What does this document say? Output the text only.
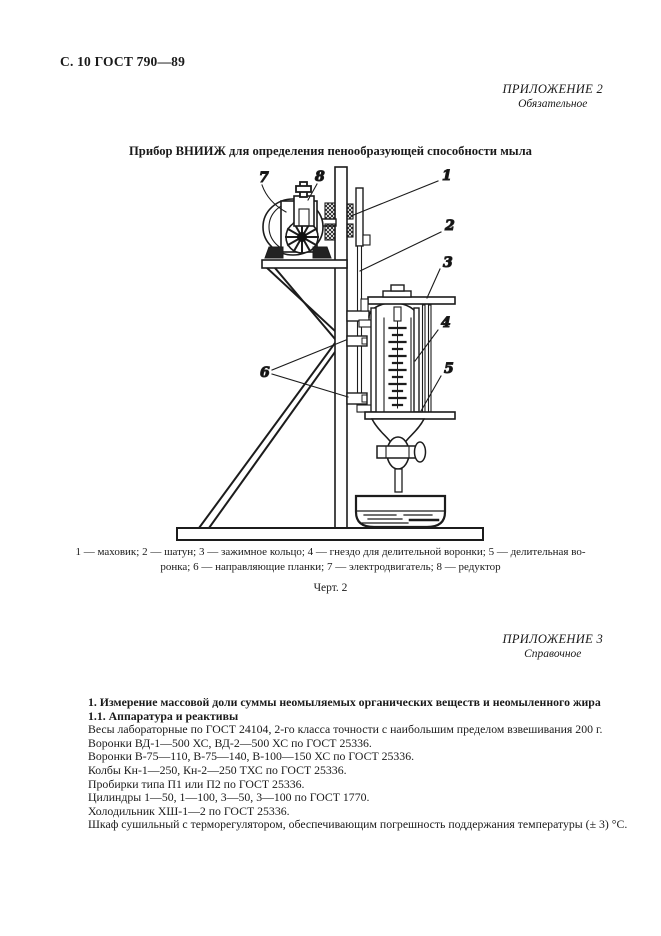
С. 10 ГОСТ 790—89
ПРИЛОЖЕНИЕ 2
Обязательное
Прибор ВНИИЖ для определения пенообразующей способности мыла
1
2
3
4
5
6
7	8
1 — маховик; 2 — шатун; 3 — зажимное кольцо; 4 — гнездо для делительной воронки; 5 — делительная во-
ронка; 6 — направляющие планки; 7 — электродвигатель; 8 — редуктор
Черт. 2
ПРИЛОЖЕНИЕ 3
Справочное
1. Измерение массовой доли суммы неомыляемых органических веществ и неомыленного жира
1.1. Аппаратура и реактивы
Весы лабораторные по ГОСТ 24104, 2-го класса точности с наибольшим пределом взвешивания 200 г.
Воронки ВД-1—500 ХС, ВД-2—500 ХС по ГОСТ 25336.
Воронки В-75—110, В-75—140, В-100—150 ХС по ГОСТ 25336.
Колбы Кн-1—250, Кн-2—250 ТХС по ГОСТ 25336.
Пробирки типа П1 или П2 по ГОСТ 25336.
Цилиндры 1—50, 1—100, 3—50, 3—100 по ГОСТ 1770.
Холодильник ХШ-1—2 по ГОСТ 25336.
Шкаф сушильный с терморегулятором, обеспечивающим погрешность поддержания температуры (± 3) °С.
